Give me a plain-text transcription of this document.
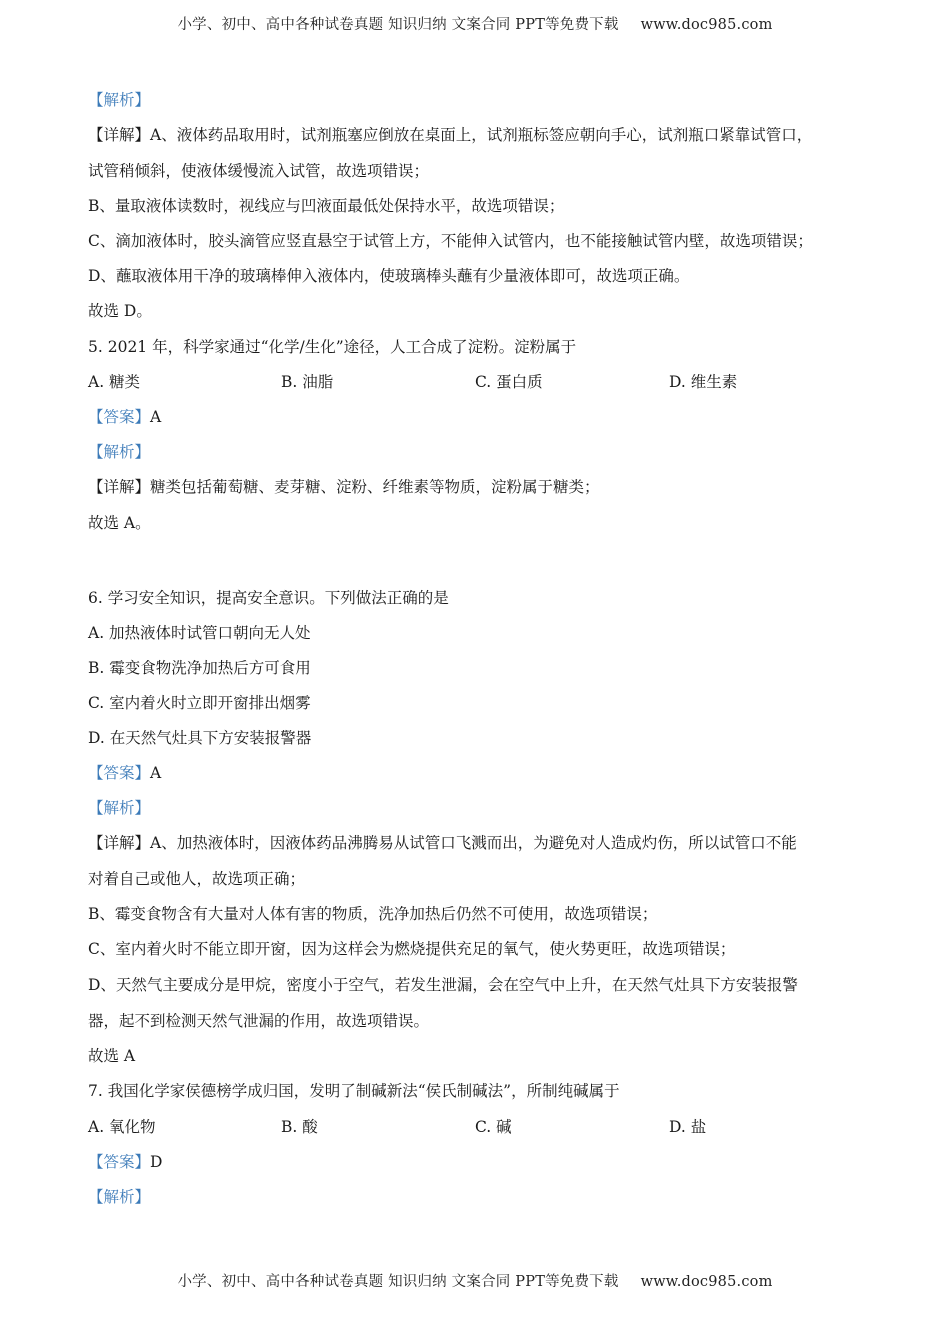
小学、初中、高中各种试卷真题 知识归纳 文案合同 PPT等免费下载 www.doc985.com
【解析】
【详解】A、液体药品取用时，试剂瓶塞应倒放在桌面上，试剂瓶标签应朝向手心，试剂瓶口紧靠试管口，
试管稍倾斜，使液体缓慢流入试管，故选项错误；
B、量取液体读数时，视线应与凹液面最低处保持水平，故选项错误；
C、滴加液体时，胶头滴管应竖直悬空于试管上方，不能伸入试管内，也不能接触试管内壁，故选项错误；
D、蘸取液体用干净的玻璃棒伸入液体内，使玻璃棒头蘸有少量液体即可，故选项正确。
故选 D。
5. 2021 年，科学家通过“化学/生化”途径，人工合成了淀粉。淀粉属于
A. 糖类	B. 油脂	C. 蛋白质	D. 维生素
【答案】A
【解析】
【详解】糖类包括葡萄糖、麦芽糖、淀粉、纤维素等物质，淀粉属于糖类；
故选 A。
6. 学习安全知识，提高安全意识。下列做法正确的是
A. 加热液体时试管口朝向无人处
B. 霉变食物洗净加热后方可食用
C. 室内着火时立即开窗排出烟雾
D. 在天然气灶具下方安装报警器
【答案】A
【解析】
【详解】A、加热液体时，因液体药品沸腾易从试管口飞溅而出，为避免对人造成灼伤，所以试管口不能
对着自己或他人，故选项正确；
B、霉变食物含有大量对人体有害的物质，洗净加热后仍然不可使用，故选项错误；
C、室内着火时不能立即开窗，因为这样会为燃烧提供充足的氧气，使火势更旺，故选项错误；
D、天然气主要成分是甲烷，密度小于空气，若发生泄漏，会在空气中上升，在天然气灶具下方安装报警
器，起不到检测天然气泄漏的作用，故选项错误。
故选 A
7. 我国化学家侯德榜学成归国，发明了制碱新法“侯氏制碱法”，所制纯碱属于
A. 氧化物	B. 酸	C. 碱	D. 盐
【答案】D
【解析】
小学、初中、高中各种试卷真题 知识归纳 文案合同 PPT等免费下载 www.doc985.com
